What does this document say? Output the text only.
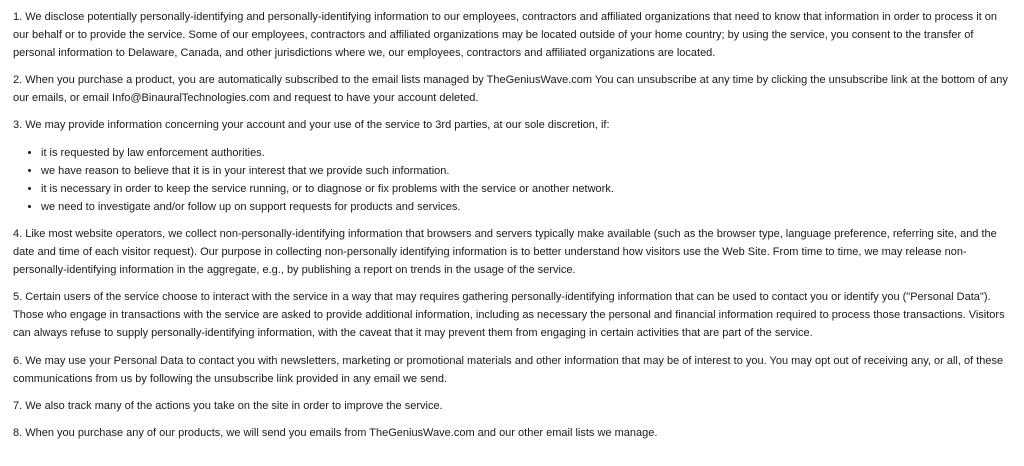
1. We disclose potentially personally-identifying and personally-identifying information to our employees, contractors and affiliated organizations that need to know that information in order to process it on our behalf or to provide the service. Some of our employees, contractors and affiliated organizations may be located outside of your home country; by using the service, you consent to the transfer of personal information to Delaware, Canada, and other jurisdictions where we, our employees, contractors and affiliated organizations are located.

2. When you purchase a product, you are automatically subscribed to the email lists managed by TheGeniusWave.com You can unsubscribe at any time by clicking the unsubscribe link at the bottom of any our emails, or email Info@BinauralTechnologies.com and request to have your account deleted.

3. We may provide information concerning your account and your use of the service to 3rd parties, at our sole discretion, if:

• it is requested by law enforcement authorities.
• we have reason to believe that it is in your interest that we provide such information.
• it is necessary in order to keep the service running, or to diagnose or fix problems with the service or another network.
• we need to investigate and/or follow up on support requests for products and services.

4. Like most website operators, we collect non-personally-identifying information that browsers and servers typically make available (such as the browser type, language preference, referring site, and the date and time of each visitor request). Our purpose in collecting non-personally identifying information is to better understand how visitors use the Web Site. From time to time, we may release non-personally-identifying information in the aggregate, e.g., by publishing a report on trends in the usage of the service.

5. Certain users of the service choose to interact with the service in a way that may requires gathering personally-identifying information that can be used to contact you or identify you ("Personal Data"). Those who engage in transactions with the service are asked to provide additional information, including as necessary the personal and financial information required to process those transactions. Visitors can always refuse to supply personally-identifying information, with the caveat that it may prevent them from engaging in certain activities that are part of the service.

6. We may use your Personal Data to contact you with newsletters, marketing or promotional materials and other information that may be of interest to you. You may opt out of receiving any, or all, of these communications from us by following the unsubscribe link provided in any email we send.

7. We also track many of the actions you take on the site in order to improve the service.

8. When you purchase any of our products, we will send you emails from TheGeniusWave.com and our other email lists we manage.
